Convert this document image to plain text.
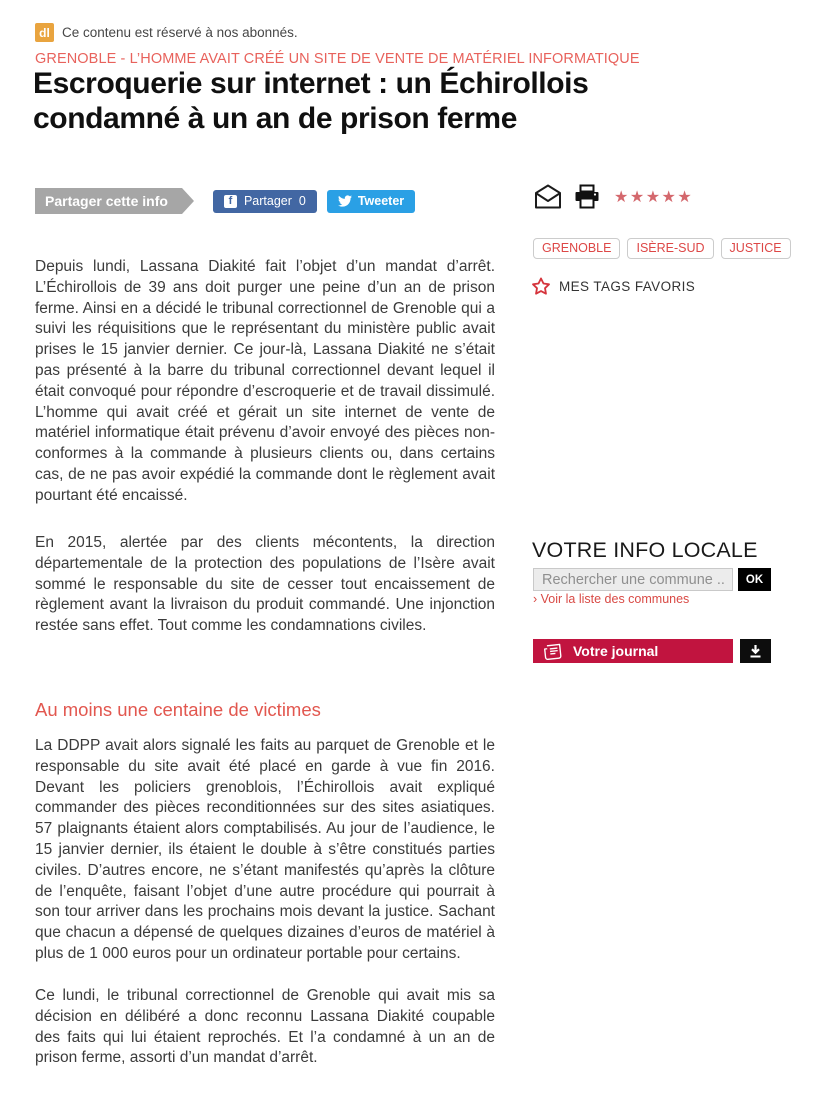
dl Ce contenu est réservé à nos abonnés.
GRENOBLE - L’HOMME AVAIT CRÉÉ UN SITE DE VENTE DE MATÉRIEL INFORMATIQUE
Escroquerie sur internet : un Échirollois condamné à un an de prison ferme
Partager cette info	f Partager 0	Tweeter	★★★★★
GRENOBLE	ISÈRE-SUD	JUSTICE
MES TAGS FAVORIS

Depuis lundi, Lassana Diakité fait l’objet d’un mandat d’arrêt. L’Échirollois de 39 ans doit purger une peine d’un an de prison ferme. Ainsi en a décidé le tribunal correctionnel de Grenoble qui a suivi les réquisitions que le représentant du ministère public avait prises le 15 janvier dernier. Ce jour-là, Lassana Diakité ne s’était pas présenté à la barre du tribunal correctionnel devant lequel il était convoqué pour répondre d’escroquerie et de travail dissimulé. L’homme qui avait créé et gérait un site internet de vente de matériel informatique était prévenu d’avoir envoyé des pièces non-conformes à la commande à plusieurs clients ou, dans certains cas, de ne pas avoir expédié la commande dont le règlement avait pourtant été encaissé.

En 2015, alertée par des clients mécontents, la direction départementale de la protection des populations de l’Isère avait sommé le responsable du site de cesser tout encaissement de règlement avant la livraison du produit commandé. Une injonction restée sans effet. Tout comme les condamnations civiles.

Au moins une centaine de victimes

La DDPP avait alors signalé les faits au parquet de Grenoble et le responsable du site avait été placé en garde à vue fin 2016. Devant les policiers grenoblois, l’Échirollois avait expliqué commander des pièces reconditionnées sur des sites asiatiques. 57 plaignants étaient alors comptabilisés. Au jour de l’audience, le 15 janvier dernier, ils étaient le double à s’être constitués parties civiles. D’autres encore, ne s’étant manifestés qu’après la clôture de l’enquête, faisant l’objet d’une autre procédure qui pourrait à son tour arriver dans les prochains mois devant la justice. Sachant que chacun a dépensé de quelques dizaines d’euros de matériel à plus de 1 000 euros pour un ordinateur portable pour certains.

Ce lundi, le tribunal correctionnel de Grenoble qui avait mis sa décision en délibéré a donc reconnu Lassana Diakité coupable des faits qui lui étaient reprochés. Et l’a condamné à un an de prison ferme, assorti d’un mandat d’arrêt.

VOTRE INFO LOCALE
Rechercher une commune ...
OK
› Voir la liste des communes
Votre journal
